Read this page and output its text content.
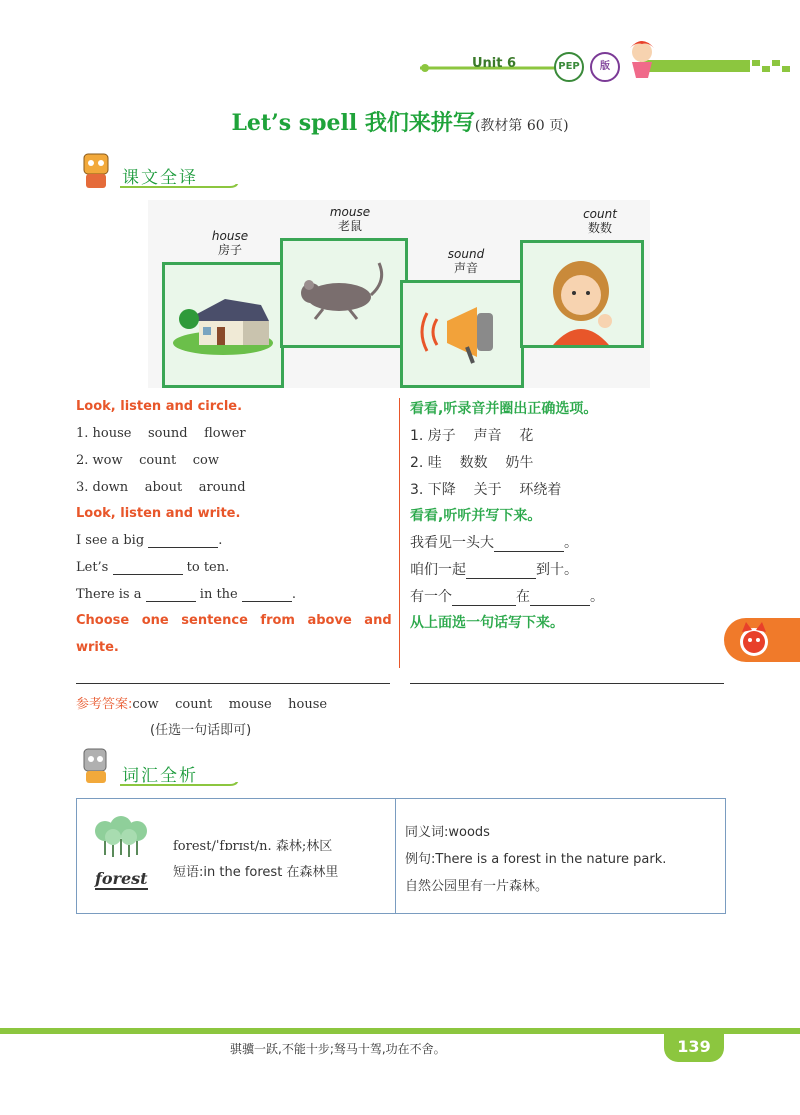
Unit 6	PEP	版
Let’s spell 我们来拼写(教材第 60 页)
课文全译
house
房子
mouse
老鼠
sound
声音
count
数数
Look, listen and circle.
1. house    sound    flower
2. wow    count    cow
3. down    about    around
Look, listen and write.
I see a big	.
Let’s	to ten.
There is a	in the	.
Choose one sentence from above and
write.
看看,听录音并圈出正确选项。
1. 房子    声音    花
2. 哇    数数    奶牛
3. 下降    关于    环绕着
看看,听听并写下来。
我看见一头大	。
咱们一起	到十。
有一个	在	。
从上面选一句话写下来。
参考答案:cow    count    mouse    house
(任选一句话即可)
词汇全析
forest
forest/ˈfɒrɪst/n. 森林;林区
短语:in the forest 在森林里
同义词:woods
例句:There is a forest in the nature park.
自然公园里有一片森林。
骐骥一跃,不能十步;驽马十驾,功在不舍。	139
